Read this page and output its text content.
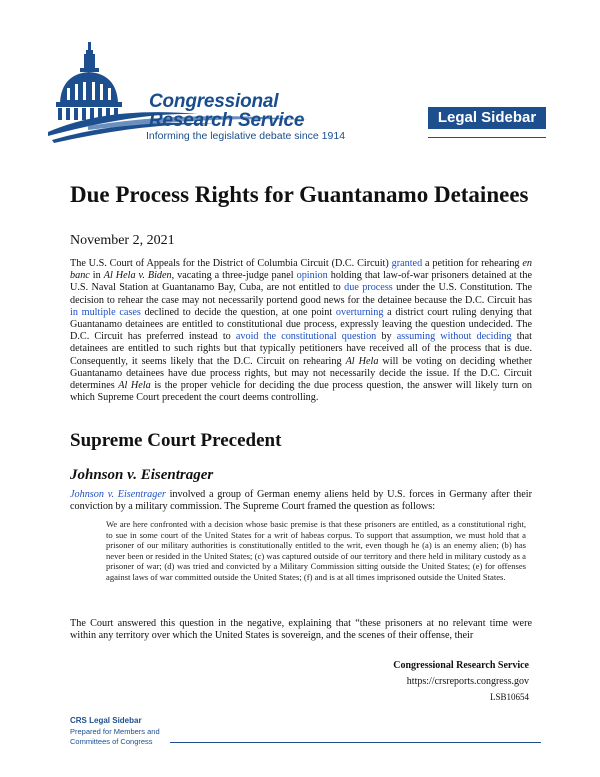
Congressional
Research Service
Informing the legislative debate since 1914
Legal Sidebar
Due Process Rights for Guantanamo Detainees
November 2, 2021
The U.S. Court of Appeals for the District of Columbia Circuit (D.C. Circuit) granted a petition for rehearing en banc in Al Hela v. Biden, vacating a three-judge panel opinion holding that law-of-war prisoners detained at the U.S. Naval Station at Guantanamo Bay, Cuba, are not entitled to due process under the U.S. Constitution. The decision to rehear the case may not necessarily portend good news for the detainee because the D.C. Circuit has in multiple cases declined to decide the question, at one point overturning a district court ruling denying that Guantanamo detainees are entitled to constitutional due process, expressly leaving the question undecided. The D.C. Circuit has preferred instead to avoid the constitutional question by assuming without deciding that detainees are entitled to such rights but that typically petitioners have received all of the process that is due. Consequently, it seems likely that the D.C. Circuit on rehearing Al Hela will be voting on deciding whether Guantanamo detainees have due process rights, but may not necessarily decide the issue. If the D.C. Circuit determines Al Hela is the proper vehicle for deciding the due process question, the answer will likely turn on which Supreme Court precedent the court deems controlling.
Supreme Court Precedent
Johnson v. Eisentrager
Johnson v. Eisentrager involved a group of German enemy aliens held by U.S. forces in Germany after their conviction by a military commission. The Supreme Court framed the question as follows:
We are here confronted with a decision whose basic premise is that these prisoners are entitled, as a constitutional right, to sue in some court of the United States for a writ of habeas corpus. To support that assumption, we must hold that a prisoner of our military authorities is constitutionally entitled to the writ, even though he (a) is an enemy alien; (b) has never been or resided in the United States; (c) was captured outside of our territory and there held in military custody as a prisoner of war; (d) was tried and convicted by a Military Commission sitting outside the United States; (e) for offenses against laws of war committed outside the United States; (f) and is at all times imprisoned outside the United States.
The Court answered this question in the negative, explaining that “these prisoners at no relevant time were within any territory over which the United States is sovereign, and the scenes of their offense, their
Congressional Research Service
https://crsreports.congress.gov
LSB10654
CRS Legal Sidebar
Prepared for Members and
Committees of Congress
